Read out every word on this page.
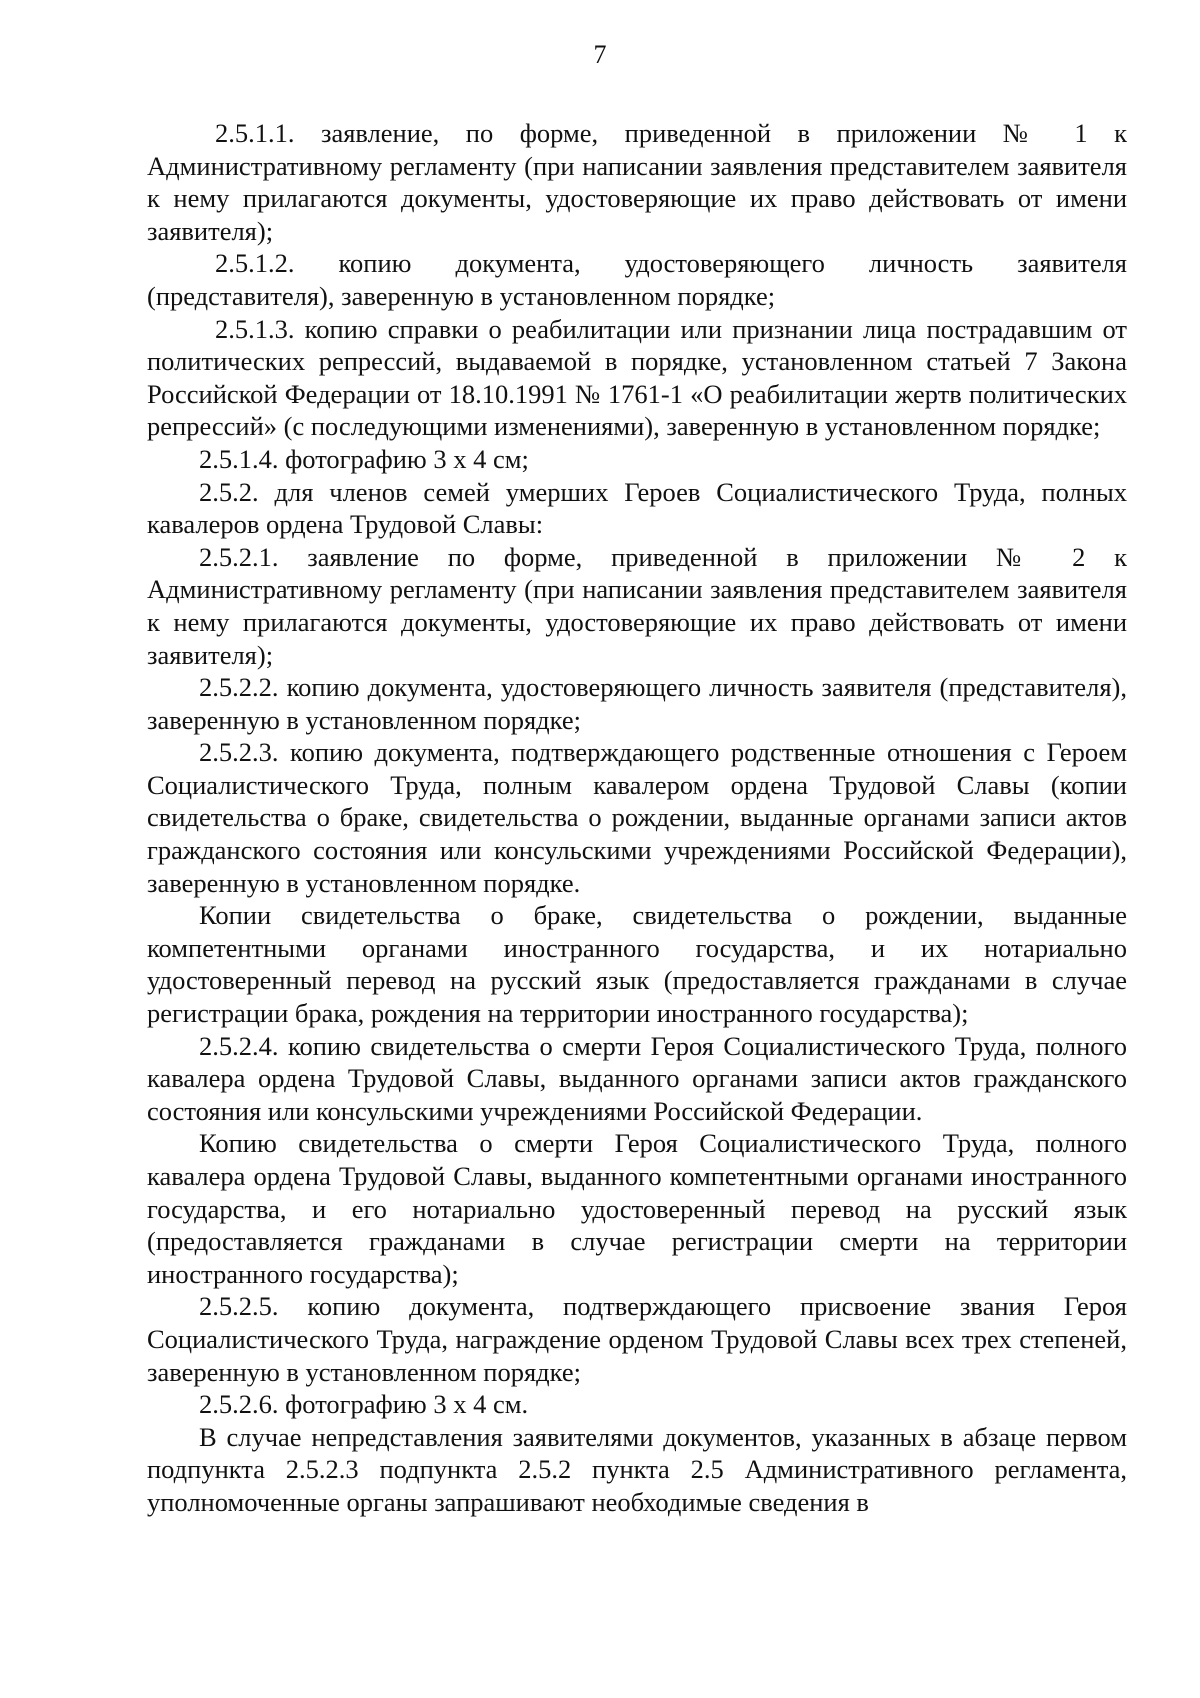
7

2.5.1.1. заявление, по форме, приведенной в приложении № 1 к Административному регламенту (при написании заявления представителем заявителя к нему прилагаются документы, удостоверяющие их право действовать от имени заявителя);

2.5.1.2. копию документа, удостоверяющего личность заявителя (представителя), заверенную в установленном порядке;

2.5.1.3. копию справки о реабилитации или признании лица пострадавшим от политических репрессий, выдаваемой в порядке, установленном статьей 7 Закона Российской Федерации от 18.10.1991 № 1761-1 «О реабилитации жертв политических репрессий» (с последующими изменениями), заверенную в установленном порядке;

2.5.1.4. фотографию 3 x 4 см;

2.5.2. для членов семей умерших Героев Социалистического Труда, полных кавалеров ордена Трудовой Славы:

2.5.2.1. заявление по форме, приведенной в приложении № 2 к Административному регламенту (при написании заявления представителем заявителя к нему прилагаются документы, удостоверяющие их право действовать от имени заявителя);

2.5.2.2. копию документа, удостоверяющего личность заявителя (представителя), заверенную в установленном порядке;

2.5.2.3. копию документа, подтверждающего родственные отношения с Героем Социалистического Труда, полным кавалером ордена Трудовой Славы (копии свидетельства о браке, свидетельства о рождении, выданные органами записи актов гражданского состояния или консульскими учреждениями Российской Федерации), заверенную в установленном порядке.

Копии свидетельства о браке, свидетельства о рождении, выданные компетентными органами иностранного государства, и их нотариально удостоверенный перевод на русский язык (предоставляется гражданами в случае регистрации брака, рождения на территории иностранного государства);

2.5.2.4. копию свидетельства о смерти Героя Социалистического Труда, полного кавалера ордена Трудовой Славы, выданного органами записи актов гражданского состояния или консульскими учреждениями Российской Федерации.

Копию свидетельства о смерти Героя Социалистического Труда, полного кавалера ордена Трудовой Славы, выданного компетентными органами иностранного государства, и его нотариально удостоверенный перевод на русский язык (предоставляется гражданами в случае регистрации смерти на территории иностранного государства);

2.5.2.5. копию документа, подтверждающего присвоение звания Героя Социалистического Труда, награждение орденом Трудовой Славы всех трех степеней, заверенную в установленном порядке;

2.5.2.6. фотографию 3 x 4 см.

В случае непредставления заявителями документов, указанных в абзаце первом подпункта 2.5.2.3 подпункта 2.5.2 пункта 2.5 Административного регламента, уполномоченные органы запрашивают необходимые сведения в
